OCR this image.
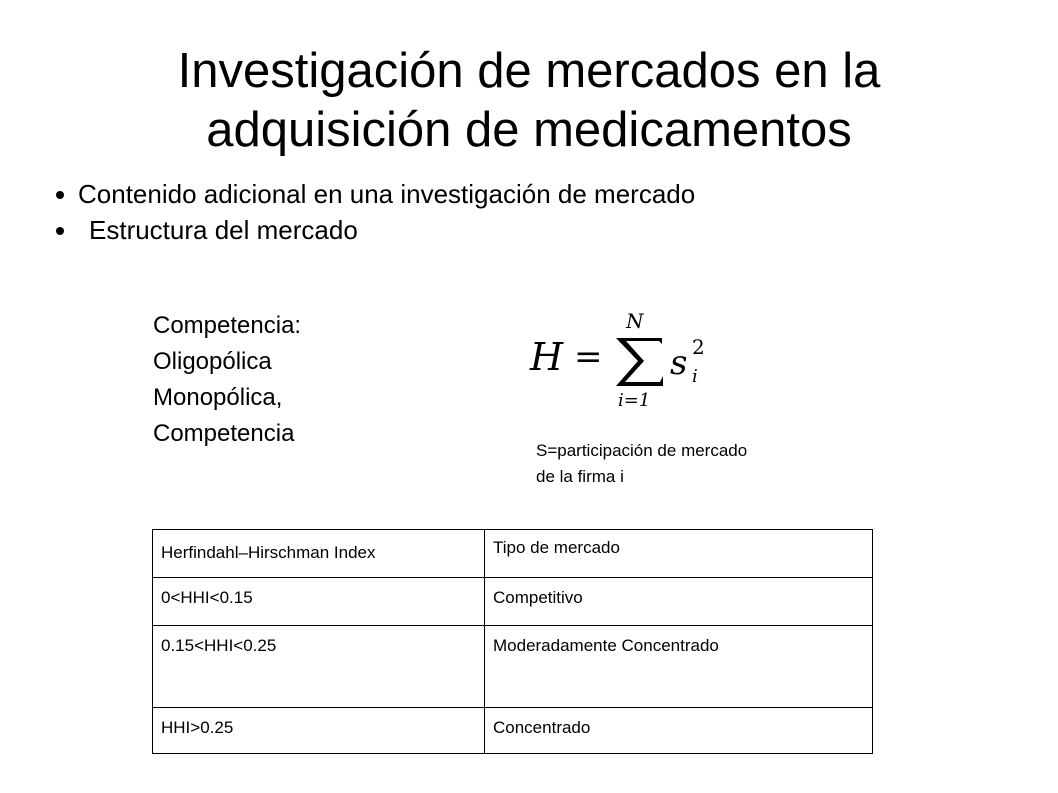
Investigación de mercados en la
adquisición de medicamentos
Contenido adicional en una investigación de mercado
Estructura del mercado
Competencia:
Oligopólica
Monopólica,
Competencia
H =
N
i=1
s 2
i
S=participación de mercado
de la firma i
Herfindahl–Hirschman Index	Tipo de mercado
0<HHI<0.15	Competitivo
0.15<HHI<0.25	Moderadamente Concentrado
HHI>0.25	Concentrado
